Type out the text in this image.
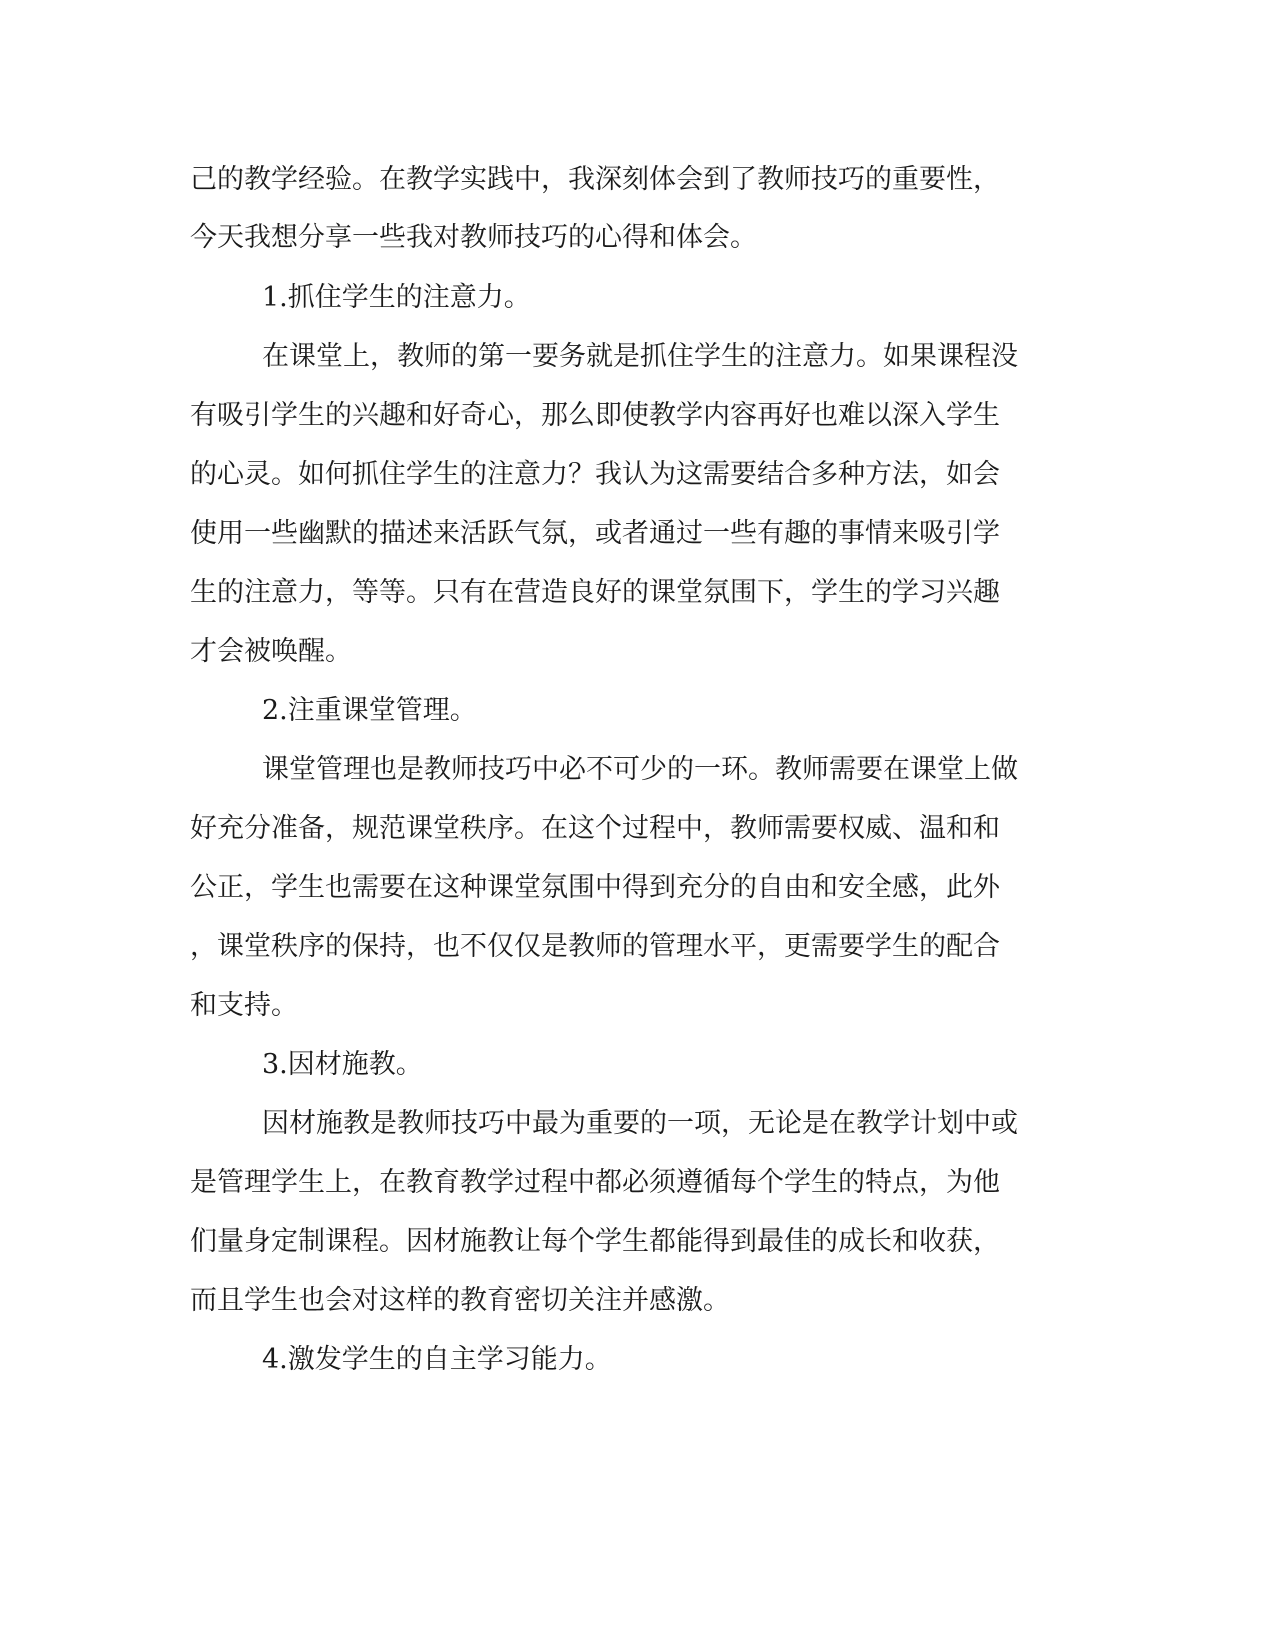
己的教学经验。在教学实践中，我深刻体会到了教师技巧的重要性，
今天我想分享一些我对教师技巧的心得和体会。
1.抓住学生的注意力。
在课堂上，教师的第一要务就是抓住学生的注意力。如果课程没
有吸引学生的兴趣和好奇心，那么即使教学内容再好也难以深入学生
的心灵。如何抓住学生的注意力？我认为这需要结合多种方法，如会
使用一些幽默的描述来活跃气氛，或者通过一些有趣的事情来吸引学
生的注意力，等等。只有在营造良好的课堂氛围下，学生的学习兴趣
才会被唤醒。
2.注重课堂管理。
课堂管理也是教师技巧中必不可少的一环。教师需要在课堂上做
好充分准备，规范课堂秩序。在这个过程中，教师需要权威、温和和
公正，学生也需要在这种课堂氛围中得到充分的自由和安全感，此外
，课堂秩序的保持，也不仅仅是教师的管理水平，更需要学生的配合
和支持。
3.因材施教。
因材施教是教师技巧中最为重要的一项，无论是在教学计划中或
是管理学生上，在教育教学过程中都必须遵循每个学生的特点，为他
们量身定制课程。因材施教让每个学生都能得到最佳的成长和收获，
而且学生也会对这样的教育密切关注并感激。
4.激发学生的自主学习能力。
